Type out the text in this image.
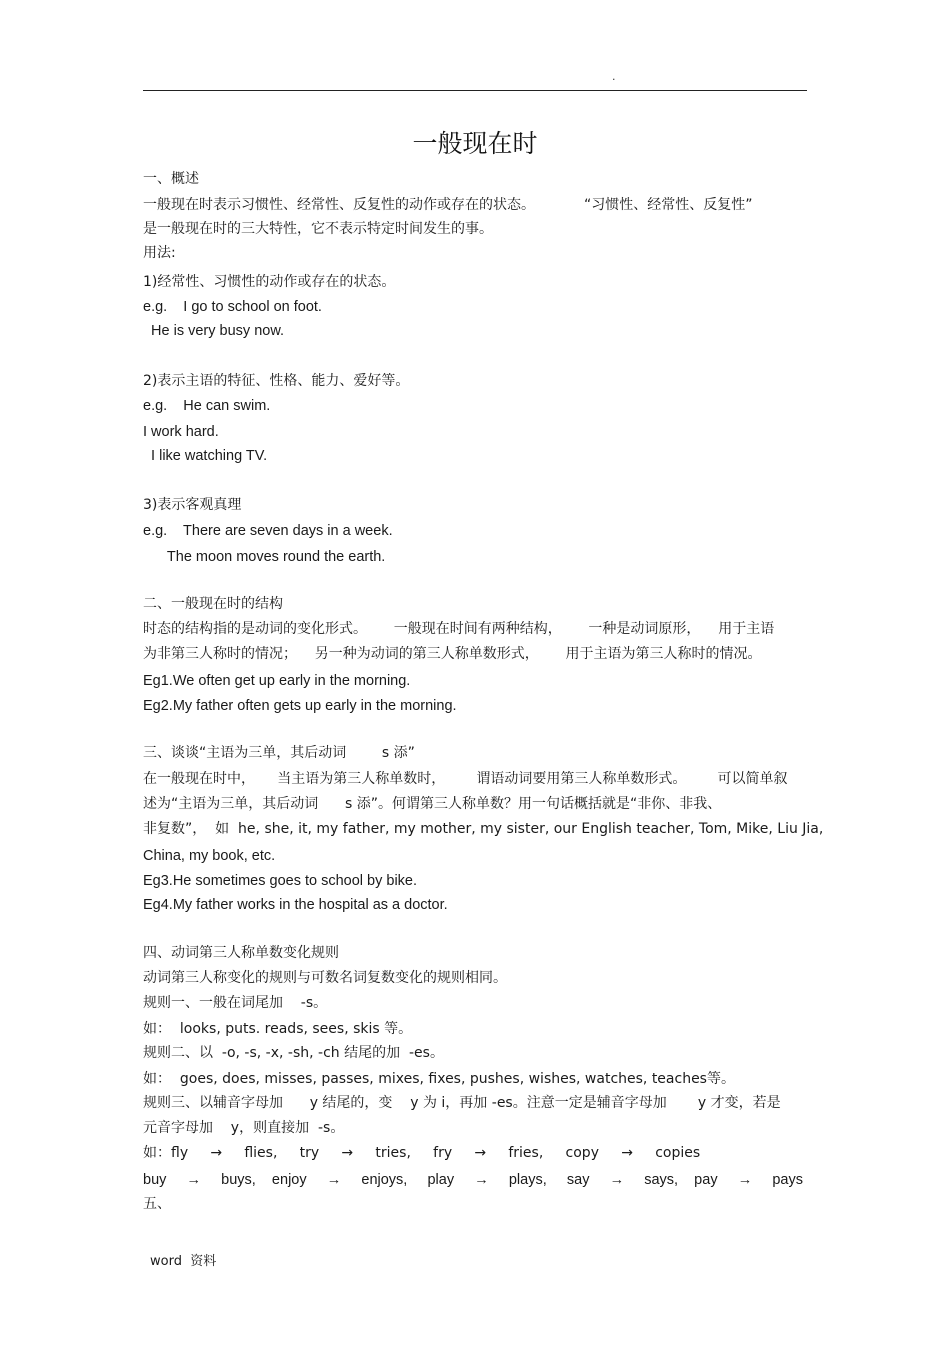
.
一般现在时
一、概述
一般现在时表示习惯性、经常性、反复性的动作或存在的状态。           “习惯性、经常性、反复性”
是一般现在时的三大特性，它不表示特定时间发生的事。
用法:
1)经常性、习惯性的动作或存在的状态。
e.g.    I go to school on foot.
He is very busy now.
2)表示主语的特征、性格、能力、爱好等。
e.g.    He can swim.
I work hard.
I like watching TV.
3)表示客观真理
e.g.    There are seven days in a week.
The moon moves round the earth.
二、一般现在时的结构
时态的结构指的是动词的变化形式。      一般现在时间有两种结构，      一种是动词原形，    用于主语
为非第三人称时的情况；    另一种为动词的第三人称单数形式，      用于主语为第三人称时的情况。
Eg1.We often get up early in the morning.
Eg2.My father often gets up early in the morning.
三、谈谈“主语为三单，其后动词        s 添”
在一般现在时中，     当主语为第三人称单数时，       谓语动词要用第三人称单数形式。       可以简单叙
述为“主语为三单，其后动词      s 添”。何谓第三人称单数？用一句话概括就是“非你、非我、
非复数”，  如  he, she, it, my father, my mother, my sister, our English teacher, Tom, Mike, Liu Jia,
China, my book, etc.
Eg3.He sometimes goes to school by bike.
Eg4.My father works in the hospital as a doctor.
四、动词第三人称单数变化规则
动词第三人称变化的规则与可数名词复数变化的规则相同。
规则一、一般在词尾加    -s。
如：  looks, puts. reads, sees, skis 等。
规则二、以  -o, -s, -x, -sh, -ch 结尾的加  -es。
如：  goes, does, misses, passes, mixes, fixes, pushes, wishes, watches, teaches等。
规则三、以辅音字母加      y 结尾的，变    y 为 i，再加 -es。注意一定是辅音字母加       y 才变，若是
元音字母加    y，则直接加  -s。
如：fly     →     flies,     try     →     tries,     fry     →     fries,     copy     →     copies
buy     →     buys,    enjoy     →     enjoys,     play     →     plays,     say     →     says,    pay     →     pays
五、
word  资料
